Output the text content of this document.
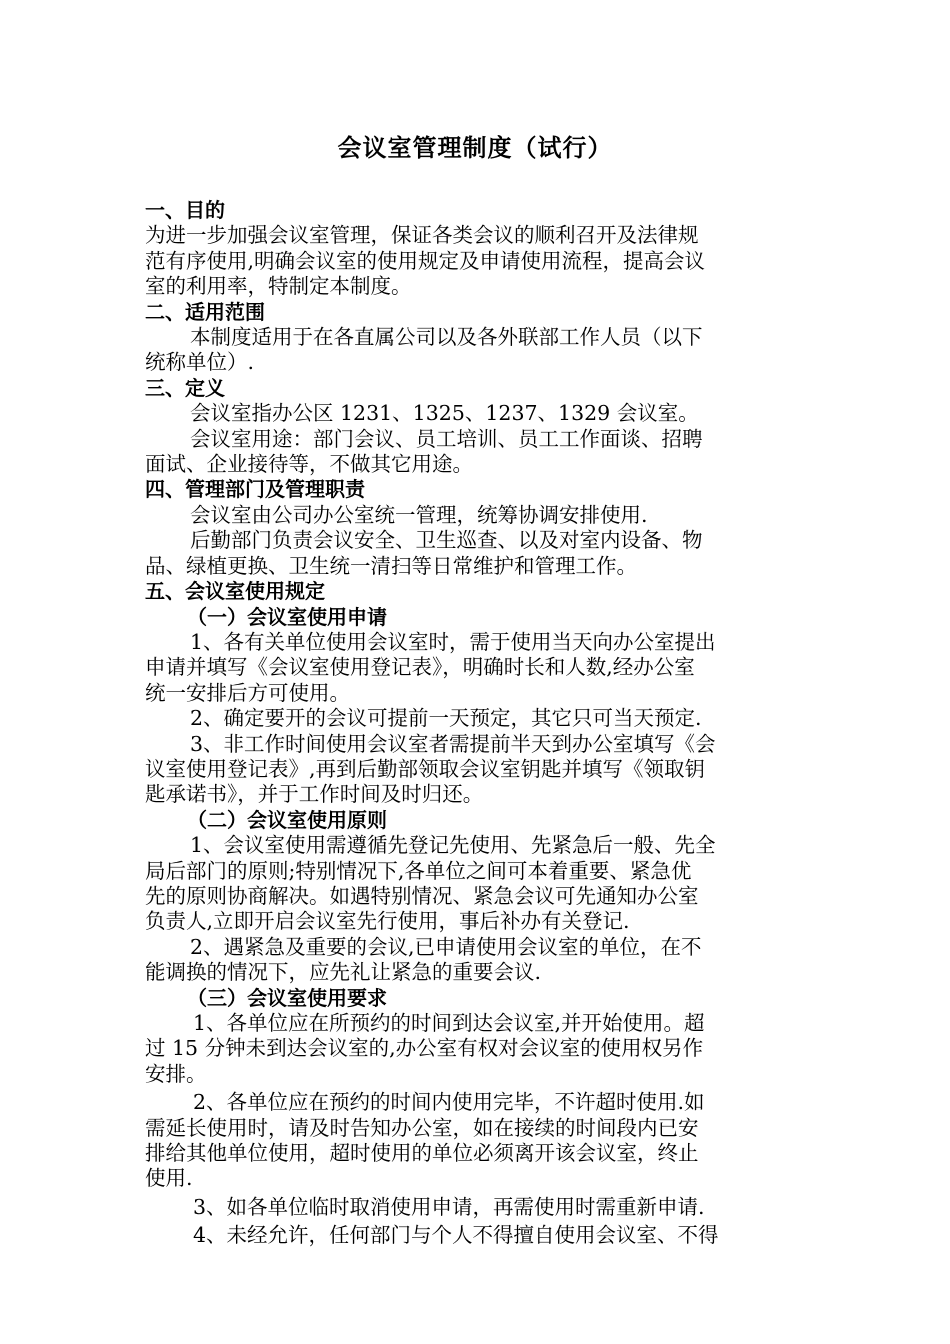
会议室管理制度（试行）
一、目的
为进一步加强会议室管理，保证各类会议的顺利召开及法律规
范有序使用,明确会议室的使用规定及申请使用流程，提高会议
室的利用率，特制定本制度。
二、适用范围
本制度适用于在各直属公司以及各外联部工作人员（以下
统称单位）.
三、定义
会议室指办公区 1231、1325、1237、1329 会议室。
会议室用途：部门会议、员工培训、员工工作面谈、招聘
面试、企业接待等，不做其它用途。
四、管理部门及管理职责
会议室由公司办公室统一管理，统筹协调安排使用.
后勤部门负责会议安全、卫生巡查、以及对室内设备、物
品、绿植更换、卫生统一清扫等日常维护和管理工作。
五、会议室使用规定
（一）会议室使用申请
1、各有关单位使用会议室时，需于使用当天向办公室提出
申请并填写《会议室使用登记表》，明确时长和人数,经办公室
统一安排后方可使用。
2、确定要开的会议可提前一天预定，其它只可当天预定.
3、非工作时间使用会议室者需提前半天到办公室填写《会
议室使用登记表》,再到后勤部领取会议室钥匙并填写《领取钥
匙承诺书》，并于工作时间及时归还。
（二）会议室使用原则
1、会议室使用需遵循先登记先使用、先紧急后一般、先全
局后部门的原则;特别情况下,各单位之间可本着重要、紧急优
先的原则协商解决。如遇特别情况、紧急会议可先通知办公室
负责人,立即开启会议室先行使用，事后补办有关登记.
2、遇紧急及重要的会议,已申请使用会议室的单位，在不
能调换的情况下，应先礼让紧急的重要会议.
（三）会议室使用要求
1、各单位应在所预约的时间到达会议室,并开始使用。超
过 15 分钟未到达会议室的,办公室有权对会议室的使用权另作
安排。
2、各单位应在预约的时间内使用完毕，不许超时使用.如
需延长使用时，请及时告知办公室，如在接续的时间段内已安
排给其他单位使用，超时使用的单位必须离开该会议室，终止
使用.
3、如各单位临时取消使用申请，再需使用时需重新申请.
4、未经允许，任何部门与个人不得擅自使用会议室、不得
